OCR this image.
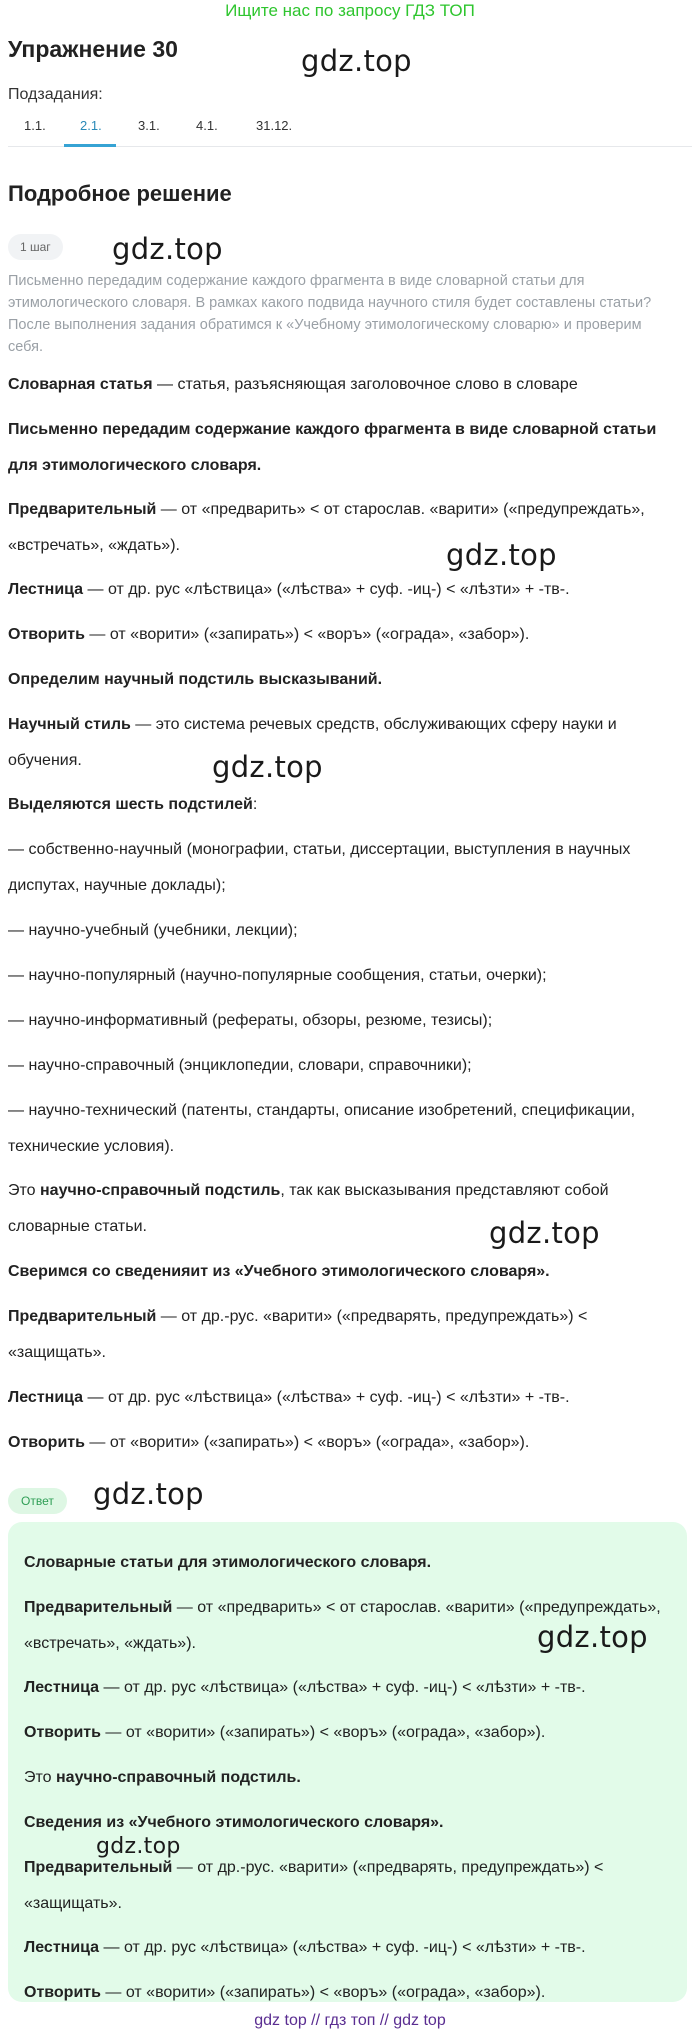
Ищите нас по запросу ГДЗ ТОП
Упражнение 30
Подзадания:
1.1.	2.1.	3.1.	4.1.	31.12.
Подробное решение
1 шаг
Письменно передадим содержание каждого фрагмента в виде словарной статьи для этимологического словаря. В рамках какого подвида научного стиля будет составлены статьи? После выполнения задания обратимся к «Учебному этимологическому словарю» и проверим себя.

Словарная статья — статья, разъясняющая заголовочное слово в словаре

Письменно передадим содержание каждого фрагмента в виде словарной статьи для этимологического словаря.

Предварительный — от «предварить» < от старослав. «варити» («предупреждать», «встречать», «ждать»).

Лестница — от др. рус «лѣствица» («лѣства» + суф. -иц-) < «лѣзти» + -тв-.

Отворить — от «ворити» («запирать») < «воръ» («ограда», «забор»).

Определим научный подстиль высказываний.

Научный стиль — это система речевых средств, обслуживающих сферу науки и обучения.

Выделяются шесть подстилей:

— собственно-научный (монографии, статьи, диссертации, выступления в научных диспутах, научные доклады);

— научно-учебный (учебники, лекции);

— научно-популярный (научно-популярные сообщения, статьи, очерки);

— научно-информативный (рефераты, обзоры, резюме, тезисы);

— научно-справочный (энциклопедии, словари, справочники);

— научно-технический (патенты, стандарты, описание изобретений, спецификации, технические условия).

Это научно-справочный подстиль, так как высказывания представляют собой словарные статьи.

Сверимся со сведенияит из «Учебного этимологического словаря».

Предварительный — от др.-рус. «варити» («предварять, предупреждать») < «защищать».

Лестница — от др. рус «лѣствица» («лѣства» + суф. -иц-) < «лѣзти» + -тв-.

Отворить — от «ворити» («запирать») < «воръ» («ограда», «забор»).

Ответ

Словарные статьи для этимологического словаря.

Предварительный — от «предварить» < от старослав. «варити» («предупреждать», «встречать», «ждать»).

Лестница — от др. рус «лѣствица» («лѣства» + суф. -иц-) < «лѣзти» + -тв-.

Отворить — от «ворити» («запирать») < «воръ» («ограда», «забор»).

Это научно-справочный подстиль.

Сведения из «Учебного этимологического словаря».

Предварительный — от др.-рус. «варити» («предварять, предупреждать») < «защищать».

Лестница — от др. рус «лѣствица» («лѣства» + суф. -иц-) < «лѣзти» + -тв-.

Отворить — от «ворити» («запирать») < «воръ» («ограда», «забор»).

gdz.top
gdz.top
gdz.top
gdz.top
gdz.top
gdz.top
gdz.top
gdz.top
gdz top // гдз топ // gdz top
